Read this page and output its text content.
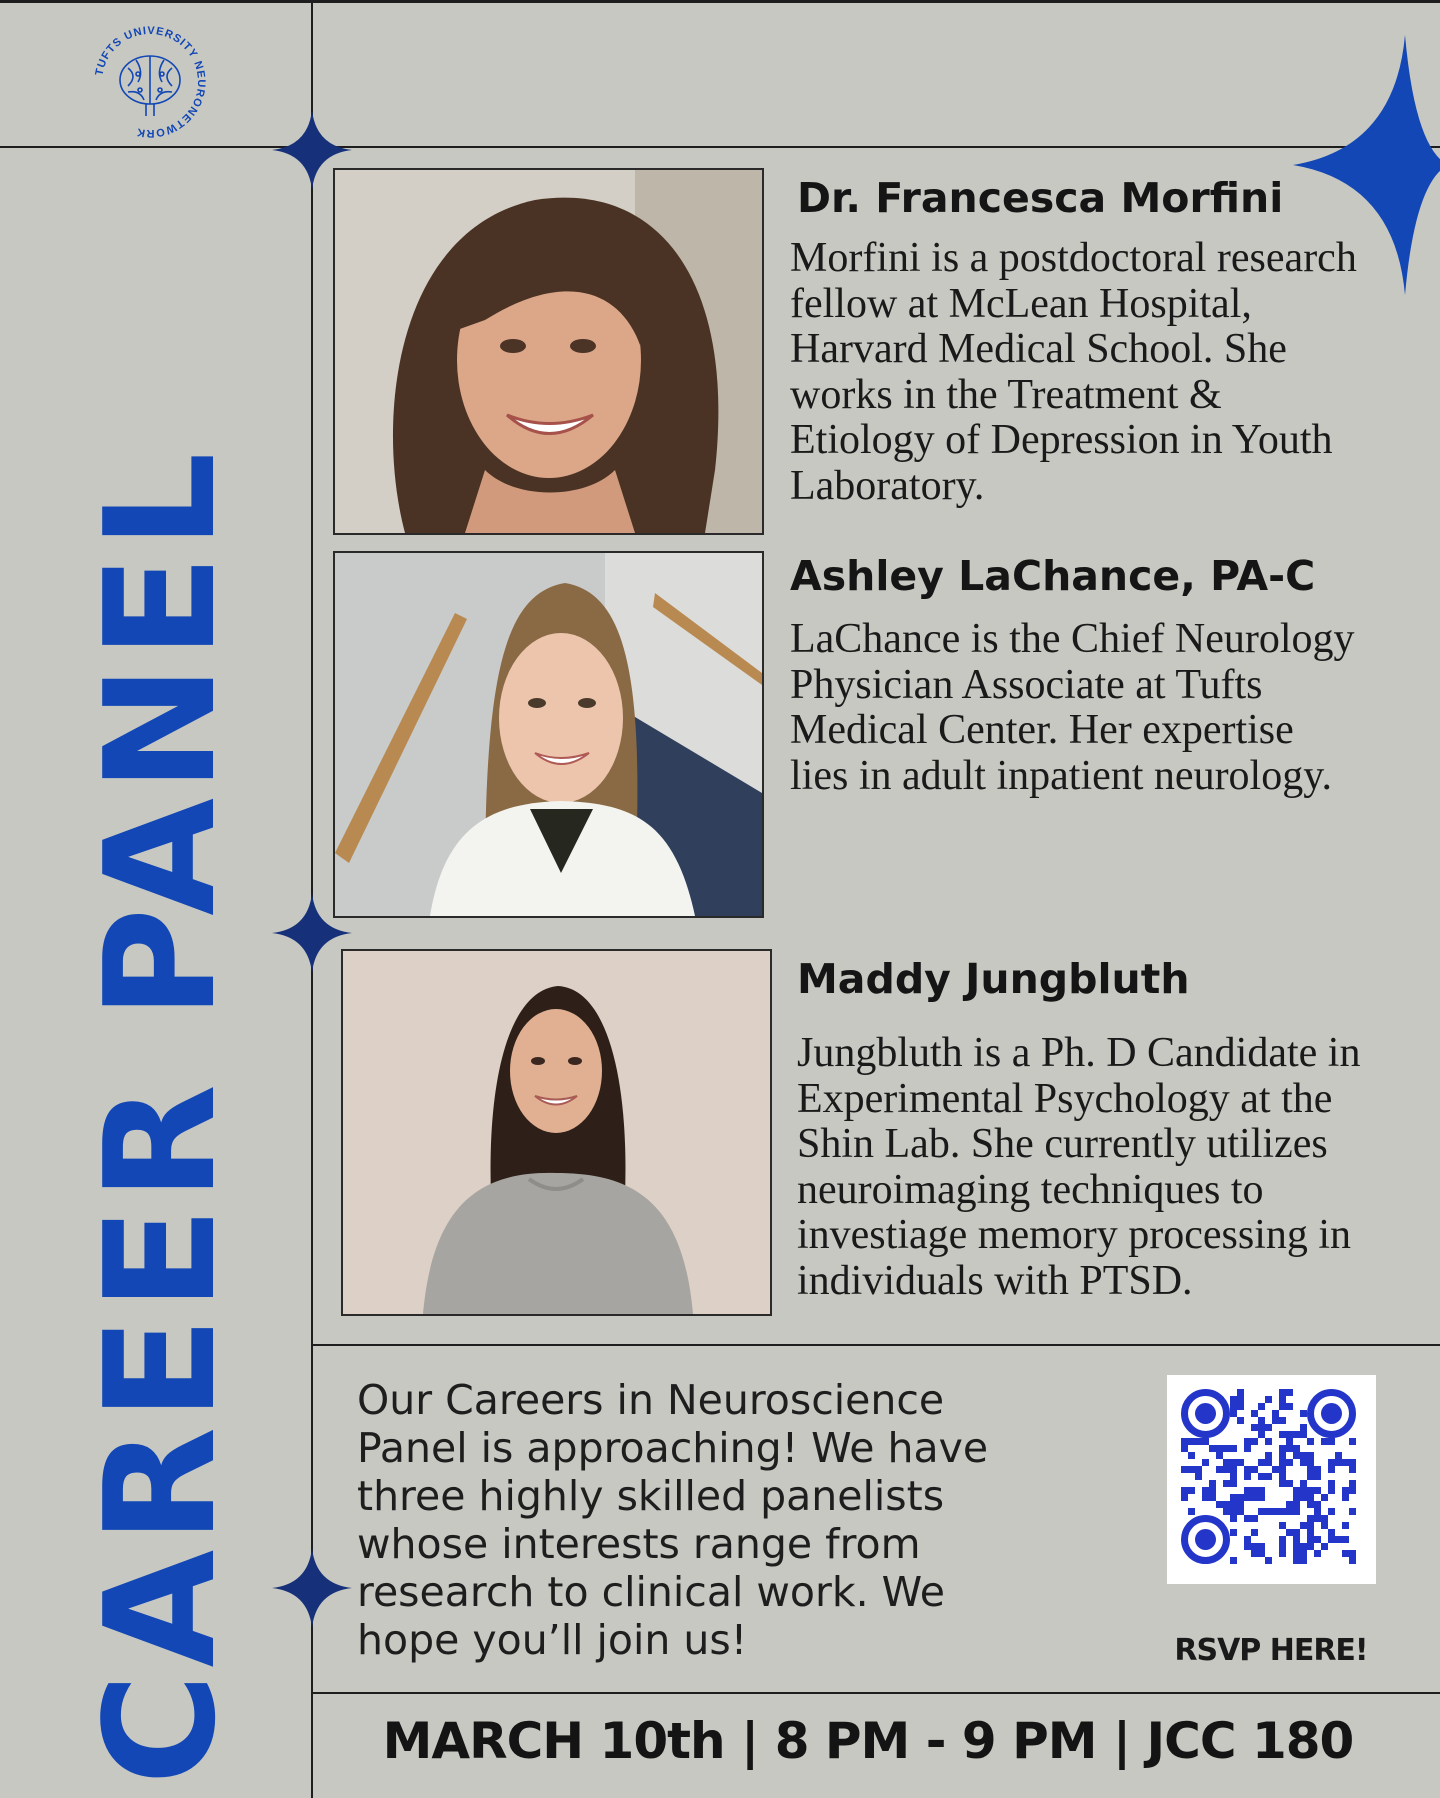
TUFTS UNIVERSITY NEURONETWORK
CAREER PANEL
Dr. Francesca Morfini
Morfini is a postdoctoral research
fellow at McLean Hospital,
Harvard Medical School. She
works in the Treatment &
Etiology of Depression in Youth
Laboratory.
Ashley LaChance, PA-C
LaChance is the Chief Neurology
Physician Associate at Tufts
Medical Center. Her expertise
lies in adult inpatient neurology.
Maddy Jungbluth
Jungbluth is a Ph. D Candidate in
Experimental Psychology at the
Shin Lab. She currently utilizes
neuroimaging techniques to
investiage memory processing in
individuals with PTSD.
Our Careers in Neuroscience
Panel is approaching! We have
three highly skilled panelists
whose interests range from
research to clinical work. We
hope you’ll join us!	RSVP HERE!
MARCH 10th | 8 PM - 9 PM | JCC 180
